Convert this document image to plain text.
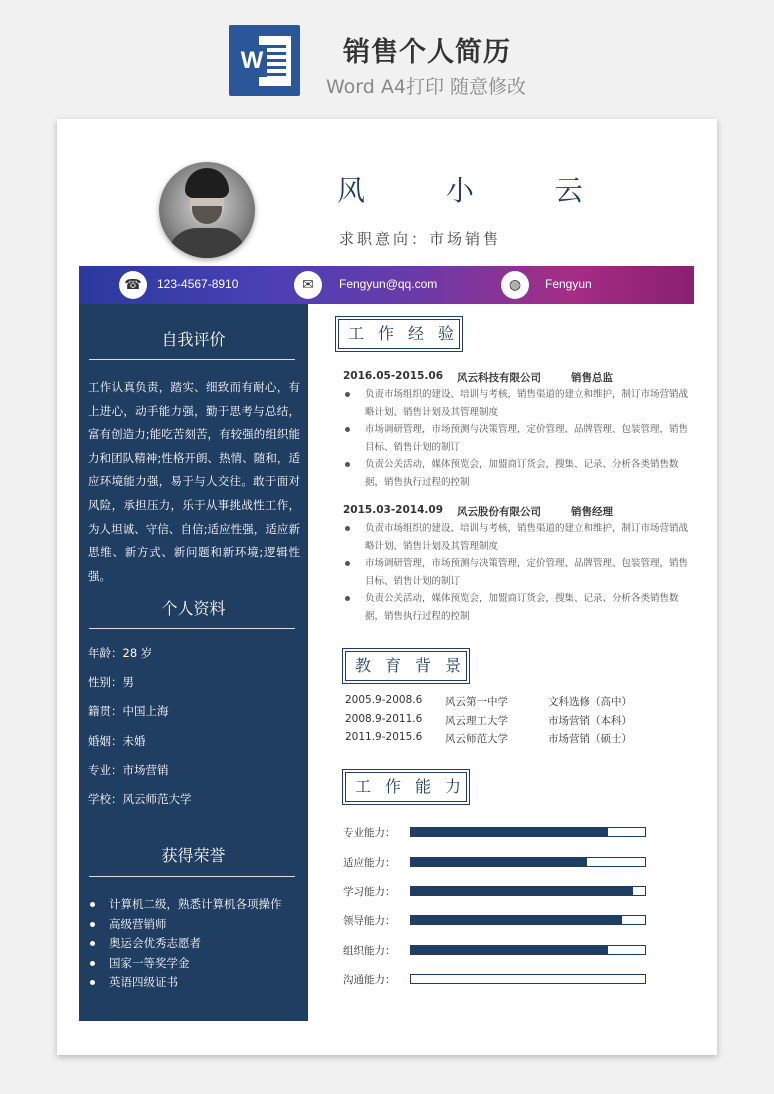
W	销售个人简历
Word A4打印 随意修改
风 小 云
求职意向：市场销售
☎	123-4567-8910	✉	Fengyun@qq.com	◍	Fengyun
自我评价
工作认真负责，踏实、细致而有耐心，有上进心，动手能力强，勤于思考与总结，富有创造力;能吃苦刻苦，有较强的组织能力和团队精神;性格开朗、热情、随和，适应环境能力强，易于与人交往。敢于面对风险，承担压力，乐于从事挑战性工作，为人坦诚、守信、自信;适应性强，适应新思维、新方式、新问题和新环境;逻辑性强。
个人资料
年龄：28 岁
性别：男
籍贯：中国上海
婚姻：未婚
专业：市场营销
学校：风云师范大学
获得荣誉
计算机二级，熟悉计算机各项操作
高级营销师
奥运会优秀志愿者
国家一等奖学金
英语四级证书
工作经验
2016.05-2015.06 风云科技有限公司	销售总监
负责市场组织的建设、培训与考核，销售渠道的建立和维护，制订市场营销战略计划、销售计划及其管理制度
市场调研管理，市场预测与决策管理，定价管理、品牌管理、包装管理，销售目标、销售计划的制订
负责公关活动，媒体预览会，加盟商订货会，搜集、记录、分析各类销售数据，销售执行过程的控制
2015.03-2014.09 风云股份有限公司	销售经理
负责市场组织的建设、培训与考核，销售渠道的建立和维护，制订市场营销战略计划、销售计划及其管理制度
市场调研管理，市场预测与决策管理，定价管理、品牌管理、包装管理，销售目标、销售计划的制订
负责公关活动，媒体预览会，加盟商订货会，搜集、记录、分析各类销售数据，销售执行过程的控制
教育背景
2005.9-2008.6 风云第一中学	文科选修（高中）
2008.9-2011.6 风云理工大学	市场营销（本科）
2011.9-2015.6 风云师范大学	市场营销（硕士）
工作能力
专业能力：
适应能力：
学习能力：
领导能力：
组织能力：
沟通能力：
